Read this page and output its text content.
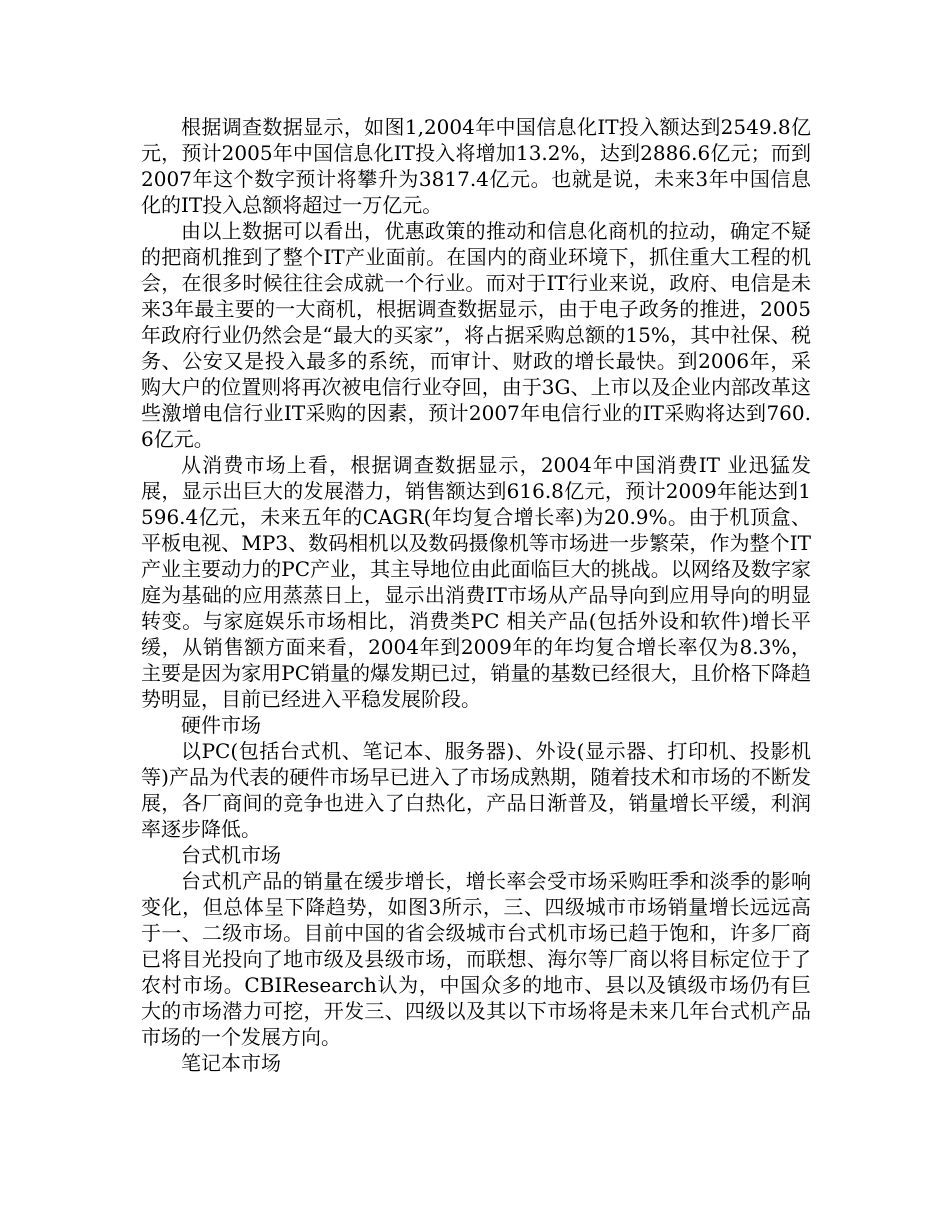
根据调查数据显示，如图1,2004年中国信息化IT投入额达到2549.8亿元，预计2005年中国信息化IT投入将增加13.2%，达到2886.6亿元；而到2007年这个数字预计将攀升为3817.4亿元。也就是说，未来3年中国信息化的IT投入总额将超过一万亿元。

由以上数据可以看出，优惠政策的推动和信息化商机的拉动，确定不疑的把商机推到了整个IT产业面前。在国内的商业环境下，抓住重大工程的机会，在很多时候往往会成就一个行业。而对于IT行业来说，政府、电信是未来3年最主要的一大商机，根据调查数据显示，由于电子政务的推进，2005年政府行业仍然会是“最大的买家”，将占据采购总额的15%，其中社保、税务、公安又是投入最多的系统，而审计、财政的增长最快。到2006年，采购大户的位置则将再次被电信行业夺回，由于3G、上市以及企业内部改革这些激增电信行业IT采购的因素，预计2007年电信行业的IT采购将达到760.6亿元。

从消费市场上看，根据调查数据显示，2004年中国消费IT 业迅猛发展，显示出巨大的发展潜力，销售额达到616.8亿元，预计2009年能达到1596.4亿元，未来五年的CAGR(年均复合增长率)为20.9%。由于机顶盒、平板电视、MP3、数码相机以及数码摄像机等市场进一步繁荣，作为整个IT产业主要动力的PC产业，其主导地位由此面临巨大的挑战。以网络及数字家庭为基础的应用蒸蒸日上，显示出消费IT市场从产品导向到应用导向的明显转变。与家庭娱乐市场相比，消费类PC 相关产品(包括外设和软件)增长平缓，从销售额方面来看，2004年到2009年的年均复合增长率仅为8.3%，主要是因为家用PC销量的爆发期已过，销量的基数已经很大，且价格下降趋势明显，目前已经进入平稳发展阶段。

硬件市场

以PC(包括台式机、笔记本、服务器)、外设(显示器、打印机、投影机等)产品为代表的硬件市场早已进入了市场成熟期，随着技术和市场的不断发展，各厂商间的竞争也进入了白热化，产品日渐普及，销量增长平缓，利润率逐步降低。

台式机市场

台式机产品的销量在缓步增长，增长率会受市场采购旺季和淡季的影响变化，但总体呈下降趋势，如图3所示，三、四级城市市场销量增长远远高于一、二级市场。目前中国的省会级城市台式机市场已趋于饱和，许多厂商已将目光投向了地市级及县级市场，而联想、海尔等厂商以将目标定位于了农村市场。CBIResearch认为，中国众多的地市、县以及镇级市场仍有巨大的市场潜力可挖，开发三、四级以及其以下市场将是未来几年台式机产品市场的一个发展方向。

笔记本市场
